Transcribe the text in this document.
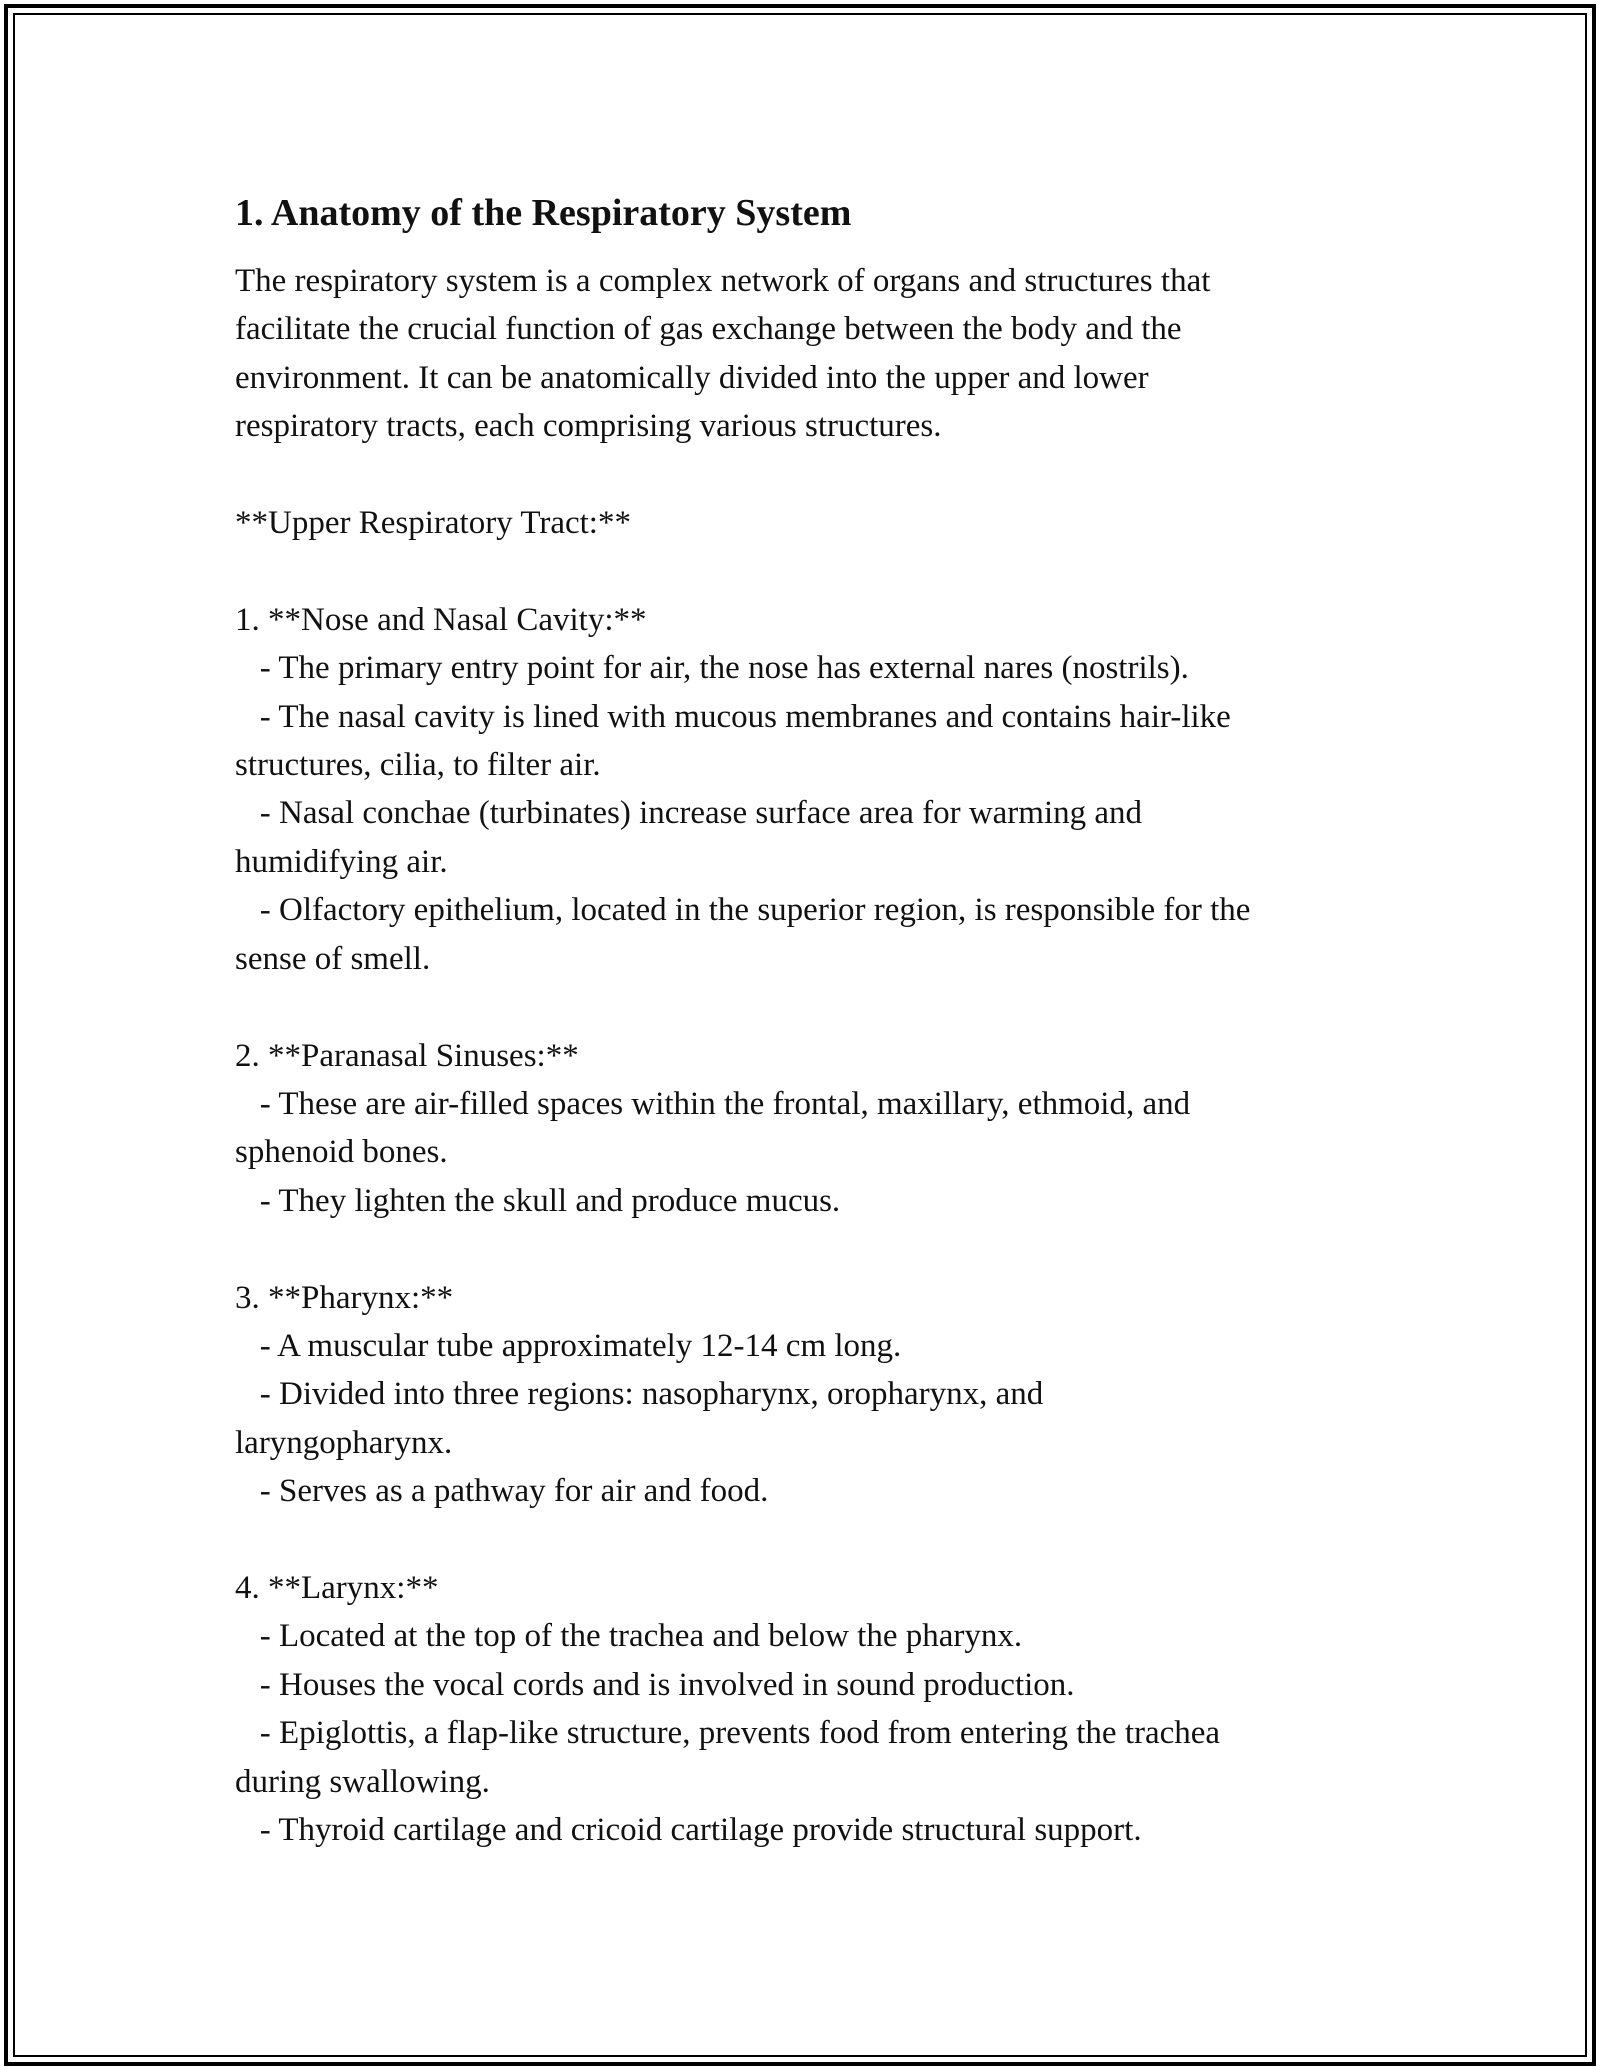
1. Anatomy of the Respiratory System

The respiratory system is a complex network of organs and structures that
facilitate the crucial function of gas exchange between the body and the
environment. It can be anatomically divided into the upper and lower
respiratory tracts, each comprising various structures.

**Upper Respiratory Tract:**

1. **Nose and Nasal Cavity:**
- The primary entry point for air, the nose has external nares (nostrils).
- The nasal cavity is lined with mucous membranes and contains hair-like
structures, cilia, to filter air.
- Nasal conchae (turbinates) increase surface area for warming and
humidifying air.
- Olfactory epithelium, located in the superior region, is responsible for the
sense of smell.

2. **Paranasal Sinuses:**
- These are air-filled spaces within the frontal, maxillary, ethmoid, and
sphenoid bones.
- They lighten the skull and produce mucus.

3. **Pharynx:**
- A muscular tube approximately 12-14 cm long.
- Divided into three regions: nasopharynx, oropharynx, and
laryngopharynx.
- Serves as a pathway for air and food.

4. **Larynx:**
- Located at the top of the trachea and below the pharynx.
- Houses the vocal cords and is involved in sound production.
- Epiglottis, a flap-like structure, prevents food from entering the trachea
during swallowing.
- Thyroid cartilage and cricoid cartilage provide structural support.
